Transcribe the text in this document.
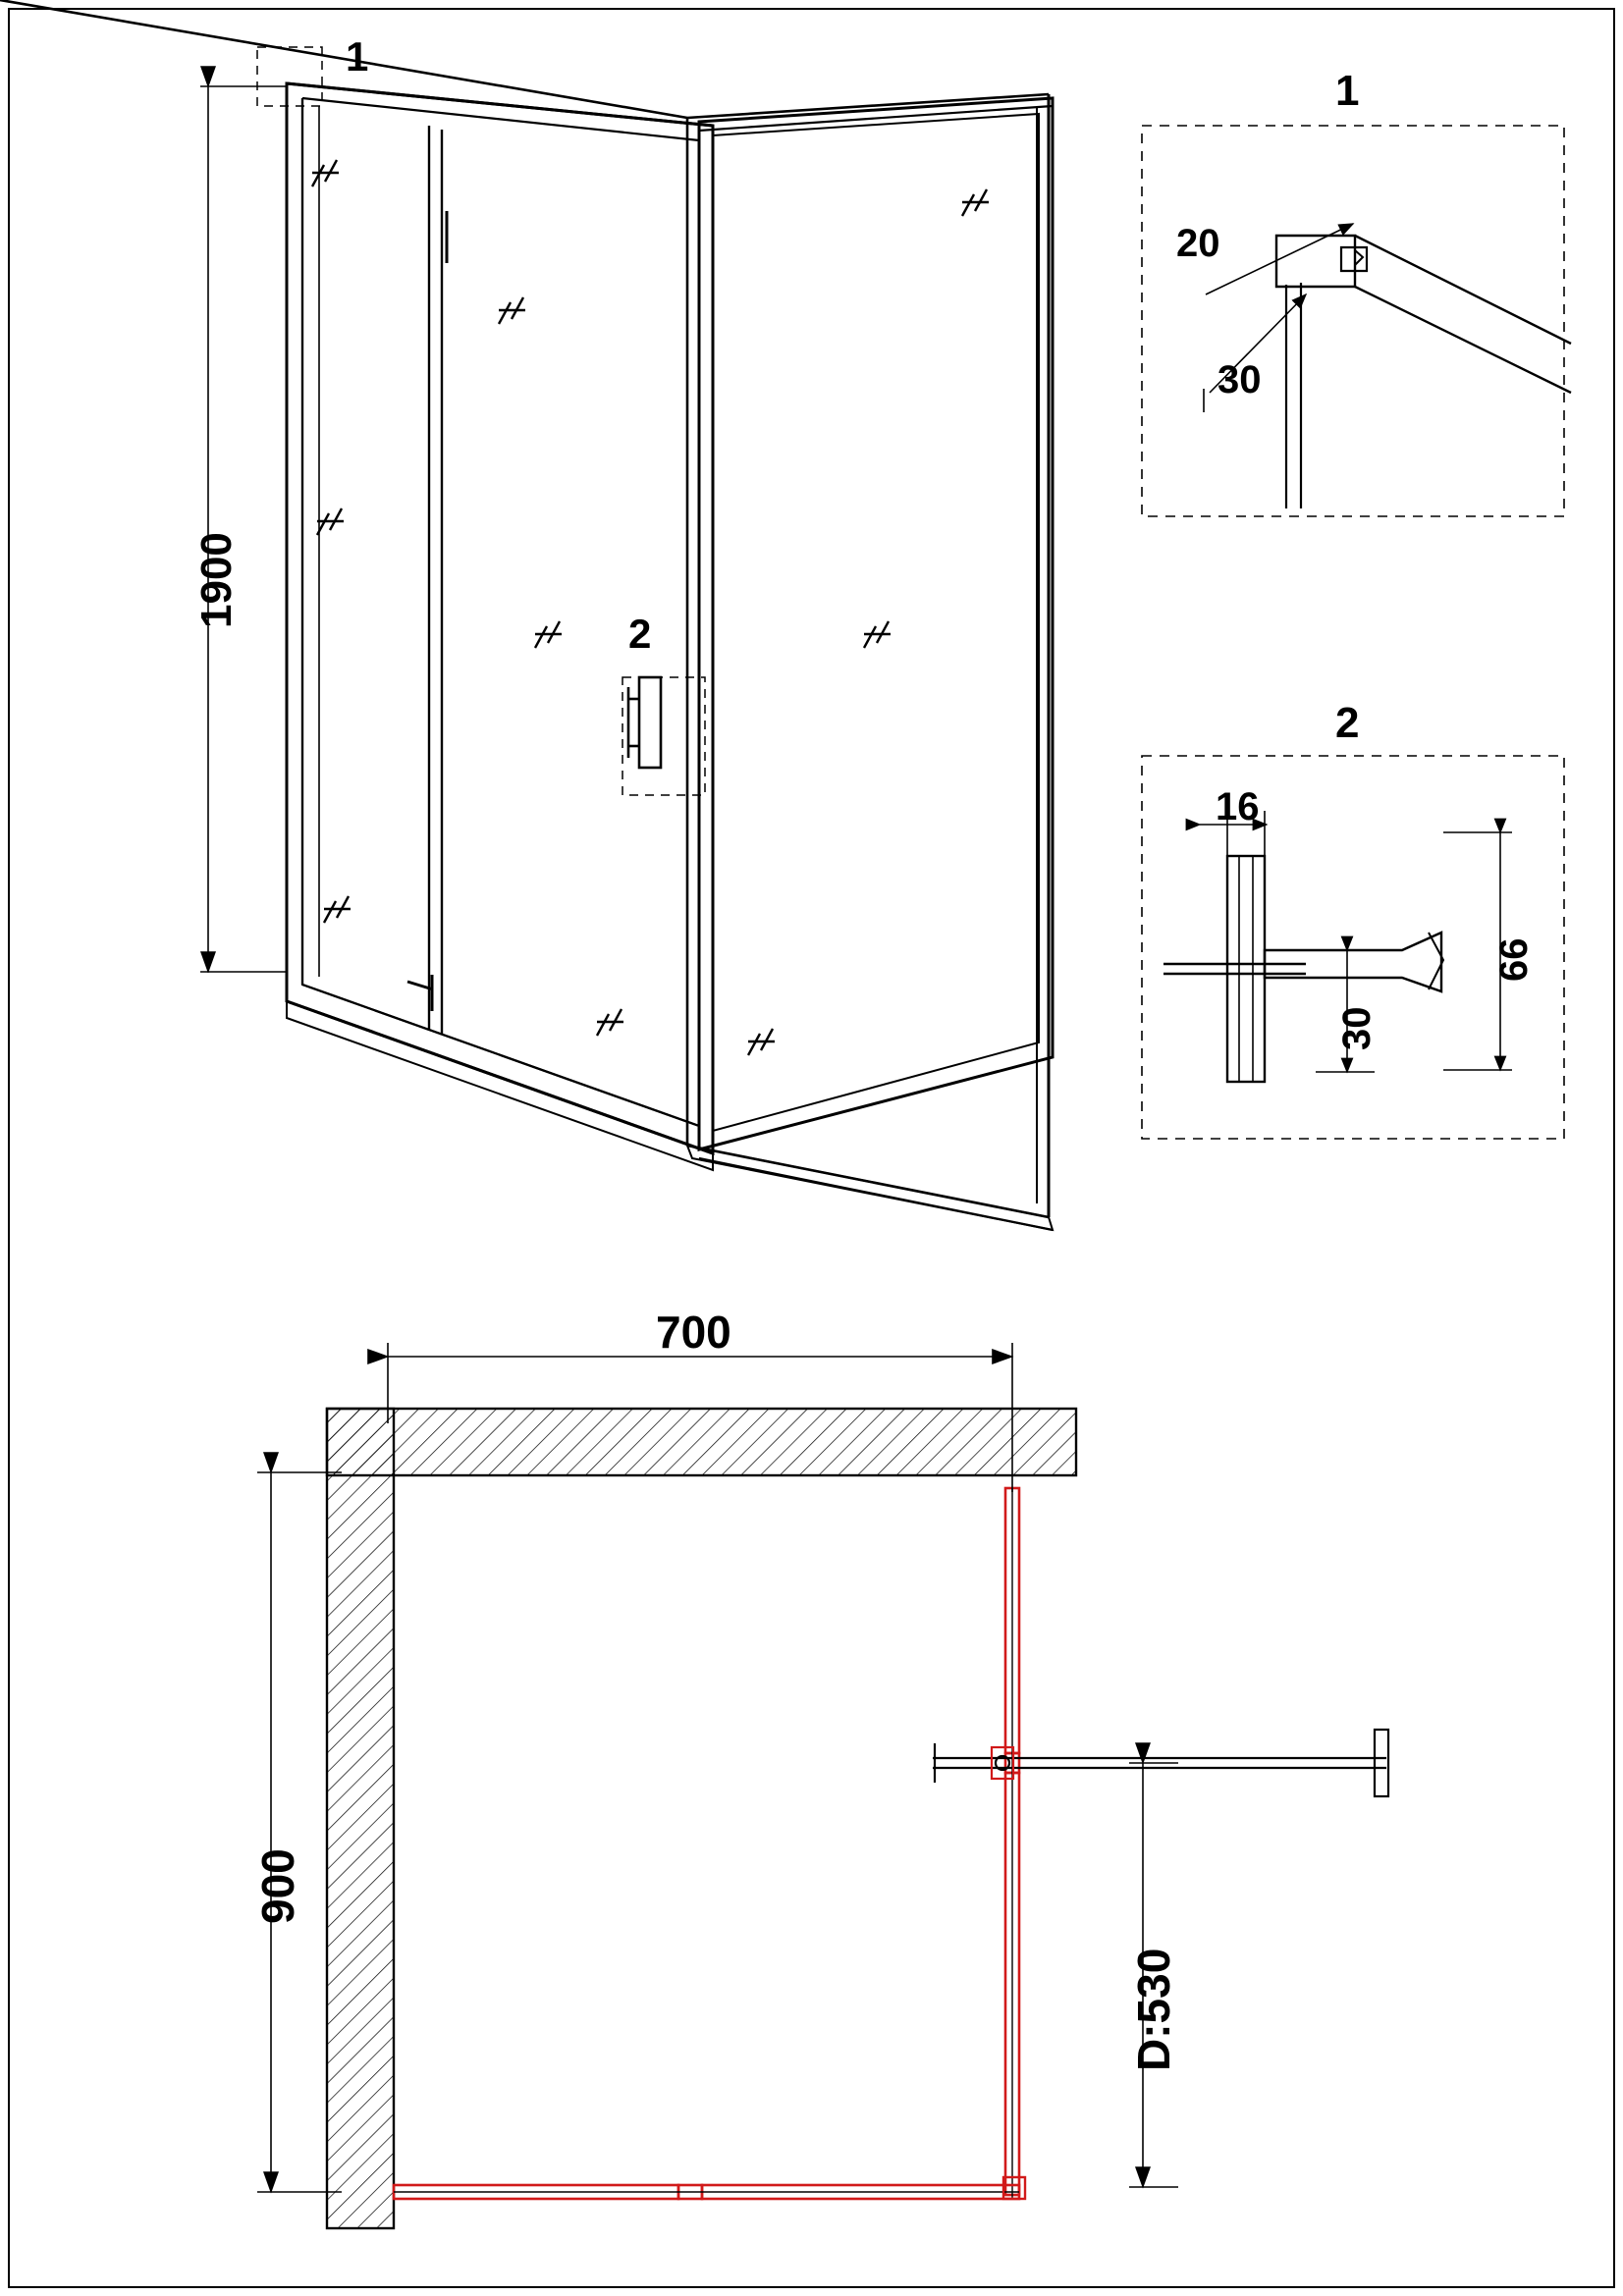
1
2
1900
1
20
30
2
16
66
30
700
900
D:530
